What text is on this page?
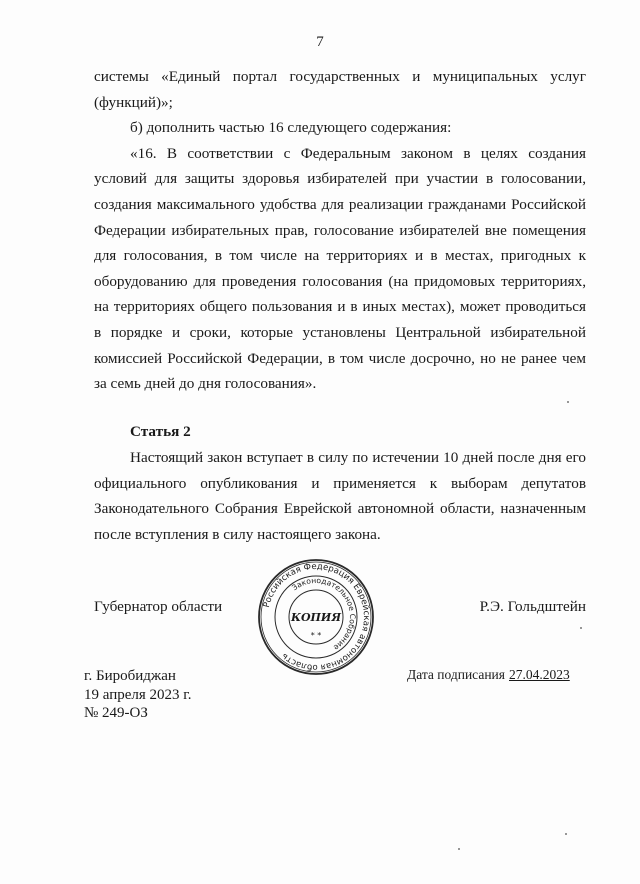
7

системы «Единый портал государственных и муниципальных услуг (функций)»;

б) дополнить частью 16 следующего содержания:

«16. В соответствии с Федеральным законом в целях создания условий для защиты здоровья избирателей при участии в голосовании, создания максимального удобства для реализации гражданами Российской Федерации избирательных прав, голосование избирателей вне помещения для голосования, в том числе на территориях и в местах, пригодных к оборудованию для проведения голосования (на придомовых территориях, на территориях общего пользования и в иных местах), может проводиться в порядке и сроки, которые установлены Центральной избирательной комиссией Российской Федерации, в том числе досрочно, но не ранее чем за семь дней до дня голосования».

Статья 2

Настоящий закон вступает в силу по истечении 10 дней после дня его официального опубликования и применяется к выборам депутатов Законодательного Собрания Еврейской автономной области, назначенным после вступления в силу настоящего закона.

Российская Федерация Еврейская автономная область
Законодательное Собрание
КОПИЯ
* *
Губернатор области	Р.Э. Гольдштейн
г. Биробиджан
19 апреля 2023 г.
№ 249-ОЗ
Дата подписания 27.04.2023
